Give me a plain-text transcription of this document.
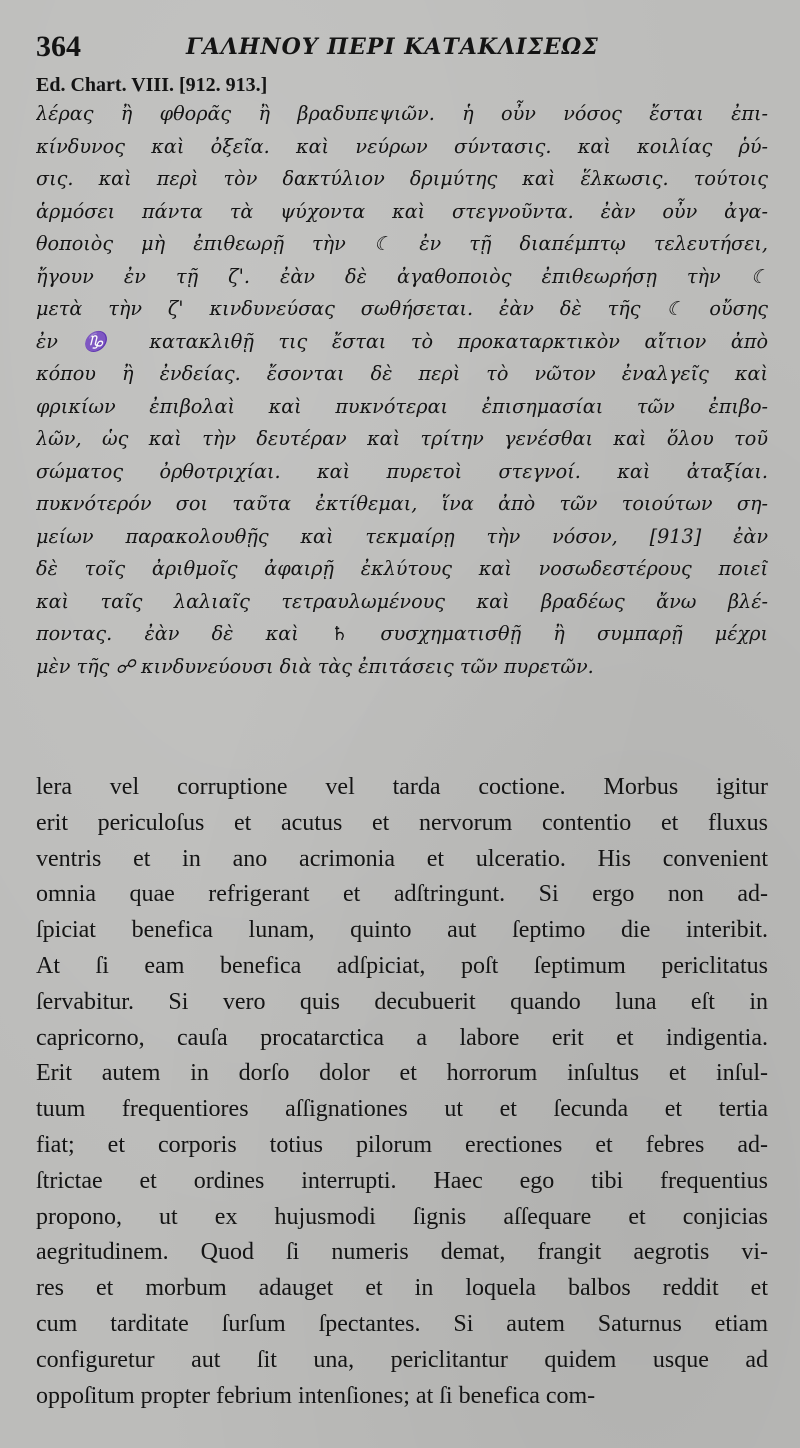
364	ΓΑΛΗΝΟΥ ΠΕΡΙ ΚΑΤΑΚΛΙΣΕΩΣ
Ed. Chart. VIII. [912. 913.]
λέρας ἢ φθορᾶς ἢ βραδυπεψιῶν. ἡ οὖν νόσος ἔσται ἐπι-
κίνδυνος καὶ ὀξεῖα. καὶ νεύρων σύντασις. καὶ κοιλίας ῥύ-
σις. καὶ περὶ τὸν δακτύλιον δριμύτης καὶ ἕλκωσις. τούτοις
ἁρμόσει πάντα τὰ ψύχοντα καὶ στεγνοῦντα. ἐὰν οὖν ἀγα-
θοποιὸς μὴ ἐπιθεωρῇ τὴν ☾ ἐν τῇ διαπέμπτῳ τελευτήσει,
ἤγουν ἐν τῇ ζ'. ἐὰν δὲ ἀγαθοποιὸς ἐπιθεωρήσῃ τὴν ☾
μετὰ τὴν ζ' κινδυνεύσας σωθήσεται. ἐὰν δὲ τῆς ☾ οὔσης
ἐν ♑ κατακλιθῇ τις ἔσται τὸ προκαταρκτικὸν αἴτιον ἀπὸ
κόπου ἢ ἐνδείας. ἔσονται δὲ περὶ τὸ νῶτον ἐναλγεῖς καὶ
φρικίων ἐπιβολαὶ καὶ πυκνότεραι ἐπισημασίαι τῶν ἐπιβο-
λῶν, ὡς καὶ τὴν δευτέραν καὶ τρίτην γενέσθαι καὶ ὅλου τοῦ
σώματος ὀρθοτριχίαι. καὶ πυρετοὶ στεγνοί. καὶ ἀταξίαι.
πυκνότερόν σοι ταῦτα ἐκτίθεμαι, ἵνα ἀπὸ τῶν τοιούτων ση-
μείων παρακολουθῇς καὶ τεκμαίρῃ τὴν νόσον, [913] ἐὰν
δὲ τοῖς ἀριθμοῖς ἀφαιρῇ ἐκλύτους καὶ νοσωδεστέρους ποιεῖ
καὶ ταῖς λαλιαῖς τετραυλωμένους καὶ βραδέως ἄνω βλέ-
ποντας. ἐὰν δὲ καὶ ♄ συσχηματισθῇ ἢ συμπαρῇ μέχρι
μὲν τῆς ☍ κινδυνεύουσι διὰ τὰς ἐπιτάσεις τῶν πυρετῶν.
lera vel corruptione vel tarda coctione. Morbus igitur
erit periculoſus et acutus et nervorum contentio et fluxus
ventris et in ano acrimonia et ulceratio. His convenient
omnia quae refrigerant et adſtringunt. Si ergo non ad-
ſpiciat benefica lunam, quinto aut ſeptimo die interibit.
At ſi eam benefica adſpiciat, poſt ſeptimum periclitatus
ſervabitur. Si vero quis decubuerit quando luna eſt in
capricorno, cauſa procatarctica a labore erit et indigentia.
Erit autem in dorſo dolor et horrorum inſultus et inſul-
tuum frequentiores aſſignationes ut et ſecunda et tertia
fiat; et corporis totius pilorum erectiones et febres ad-
ſtrictae et ordines interrupti. Haec ego tibi frequentius
propono, ut ex hujusmodi ſignis aſſequare et conjicias
aegritudinem. Quod ſi numeris demat, frangit aegrotis vi-
res et morbum adauget et in loquela balbos reddit et
cum tarditate ſurſum ſpectantes. Si autem Saturnus etiam
configuretur aut ſit una, periclitantur quidem usque ad
oppoſitum propter febrium intenſiones; at ſi benefica com-
